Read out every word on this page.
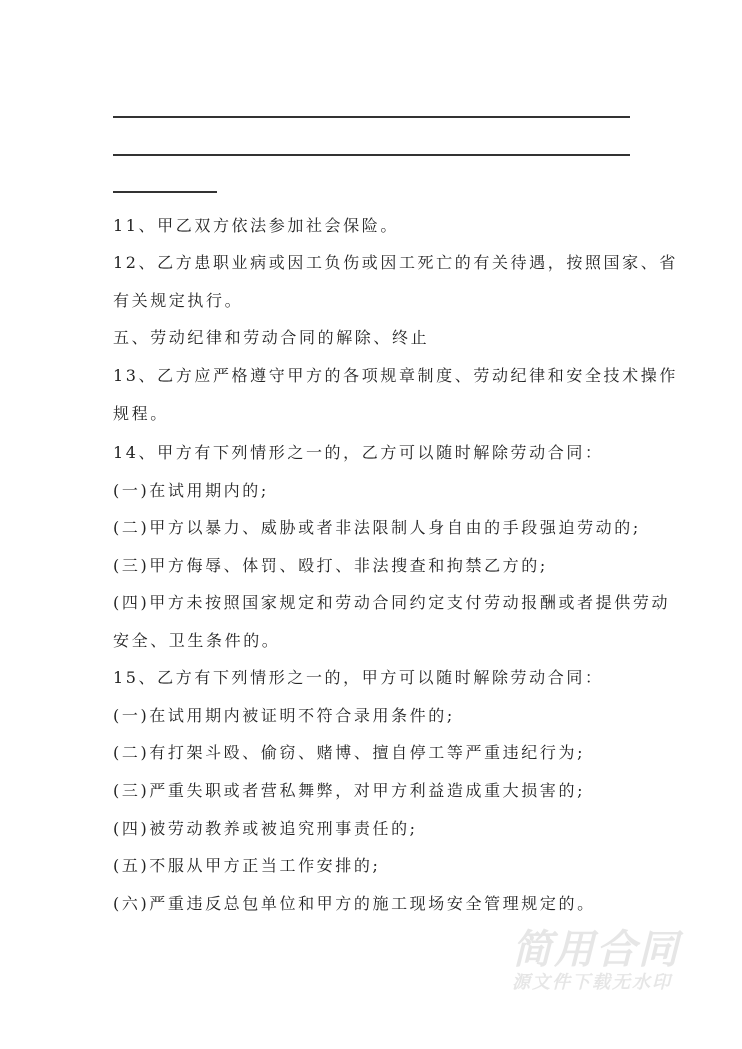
11、甲乙双方依法参加社会保险。
12、乙方患职业病或因工负伤或因工死亡的有关待遇，按照国家、省
有关规定执行。
五、劳动纪律和劳动合同的解除、终止
13、乙方应严格遵守甲方的各项规章制度、劳动纪律和安全技术操作
规程。
14、甲方有下列情形之一的，乙方可以随时解除劳动合同：
(一)在试用期内的;
(二)甲方以暴力、威胁或者非法限制人身自由的手段强迫劳动的;
(三)甲方侮辱、体罚、殴打、非法搜查和拘禁乙方的;
(四)甲方未按照国家规定和劳动合同约定支付劳动报酬或者提供劳动
安全、卫生条件的。
15、乙方有下列情形之一的，甲方可以随时解除劳动合同：
(一)在试用期内被证明不符合录用条件的;
(二)有打架斗殴、偷窃、赌博、擅自停工等严重违纪行为;
(三)严重失职或者营私舞弊，对甲方利益造成重大损害的;
(四)被劳动教养或被追究刑事责任的;
(五)不服从甲方正当工作安排的;
(六)严重违反总包单位和甲方的施工现场安全管理规定的。
简用合同
源文件下载无水印
